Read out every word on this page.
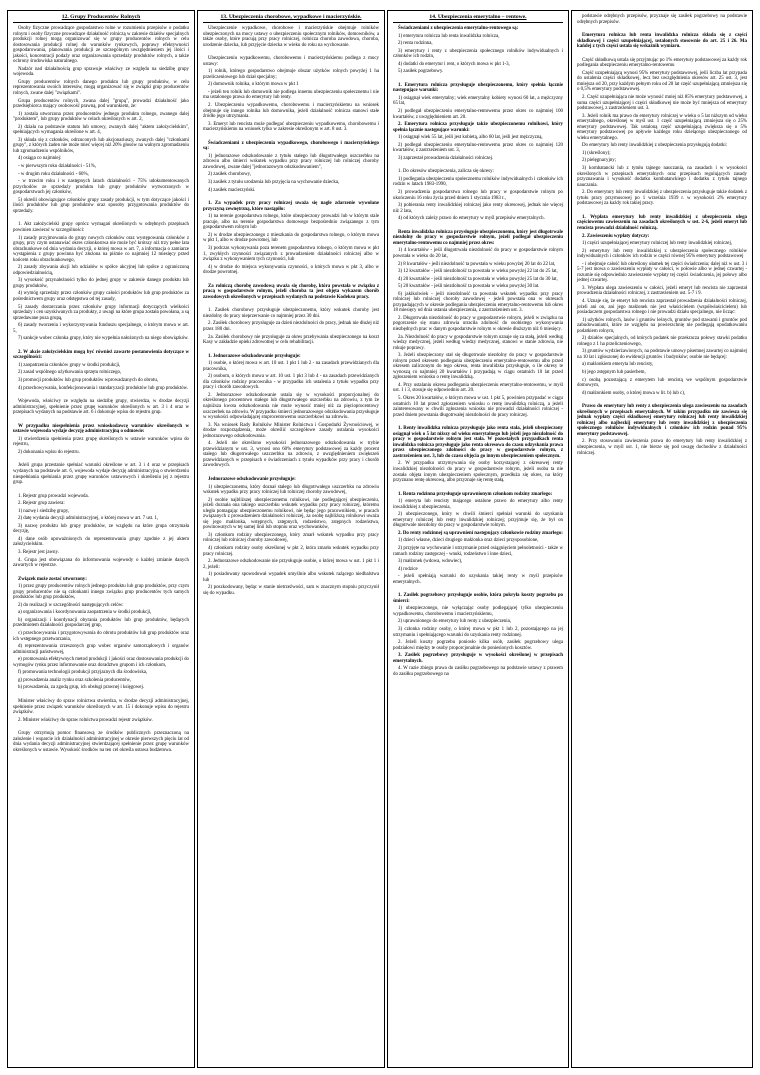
12. Grupy Producentów Rolnych

Osoby fizyczne prowadzące gospodarstwo rolne w rozumieniu przepisów o podatku rolnym i osoby fizyczne prowadzące działalność rolniczą w zakresie działów specjalnych produkcji rolnej mogą organizować się w grupy producentów rolnych w celu dostosowania produkcji rolnej do warunków rynkowych, poprawy efektywności gospodarowania, planowania produkcji ze szczególnym uwzględnieniem jej ilości i jakości, koncentracji podaży oraz organizowania sprzedaży produktów rolnych, a także ochrony środowiska naturalnego.

Nadzór nad działalnością grup sprawuje właściwy ze względu na siedzibę grupy wojewoda.

Grupy producentów rolnych danego produktu lub grupy produktów, w celu reprezentowania swoich interesów, mogą organizować się w związki grup producentów rolnych, zwane dalej "związkami".

Grupa producentów rolnych, zwana dalej "grupą", prowadzi działalność jako przedsiębiorca mający osobowość prawną, pod warunkiem, że:

1) zostala utworzona przez producentów jednego produktu rolnego, zwanego dalej "produktem", lub grupy produktów w celach określonych w art. 2,

2) działa na podstawie statutu lub umowy, zwanych dalej "aktem założycielskim", spełniających wymagania określone w art. 4,

3) składa się z członków, odrzuconych lub akcjonariuszy, zwanych dalej "członkami grupy", z których żaden nie może mieć więcej niż 20% głosów na walnym zgromadzeniu lub zgromadzeniu wspólników,

4) osiąga co najmniej:

- w pierwszym roku działalności - 51%,

- w drugim roku działalności - 60%,

- w trzecim roku i w następnych latach działalności - 75% udokumentowanych przychodów ze sprzedaży produktu lub grupy produktów wytworzonych w gospodarstwach jej członków,

5) określi obowiązujące członków grupy zasady produkcji, w tym dotyczące jakości i ilości produktów lub grup produktów oraz sposoby przygotowania produktów do sprzedaży.

1. Akt założycielski grupy oprócz wymagań określonych w odrębnych przepisach powinien zawierać w szczególności:

1) zasady przyjmowania do grupy nowych członków oraz występowania członków z grupy, przy czym ustanawiać okres członkostwa nie może być krótszy niż trzy pełne lata obrachunkowe od dnia wydania decyzji, o której mowa w art. 7, a informacja o zamiarze wystąpienia z grupy powinna być złożona na piśmie co najmniej 12 miesięcy przed końcem roku obrachunkowego,

2) zasady zbywania akcji lub udziałów w spółce akcyjnej lub spółce z ograniczoną odpowiedzialnością,

3) wysokość przynależności tylko do jednej grupy w zakresie danego produktu lub grupy produktów,

4) wymóg sprzedaży przez członków grupy całości produktów lub grup produktów za pośrednictwem grupy oraz odstępstwa od tej zasady,

5) zasady dostarczania przez członków grupy informacji dotyczących wielkości sprzedaży i cen uzyskiwanych za produkty, z uwagi na które grupa została powołana, a są sprzedawane poza grupą,

6) zasady tworzenia i wykorzystywania funduszu specjalnego, o którym mowa w art. 5,

7) sankcje wobec członka grupy, który nie wypełnia nałożonych na niego obowiązków.

2. W akcie założycielskim mogą być również zawarte postanowienia dotyczące w szczególności:

1) zaopatrzenia członków grupy w środki produkcji,

2) zasad wspólnego użytkowania sprzętu rolniczego,

3) promocji produktów lub grup produktów wprowadzanych do obrotu,

4) przechowywania, konfekcjonowania i standaryzacji produktów lub grup produktów.

Wojewoda, właściwy ze względu na siedzibę grupy, stwierdza, w drodze decyzji administracyjnej, spełnienie przez grupę warunków określonych w art. 3 i 4 oraz w przepisach wydanych na podstawie art. 6 i dokonuje wpisu do rejestru grup.

W przypadku niespełnienia przez wnioskodawcę warunków określonych w ustawie wojewoda wydaje decyzję administracyjną o odmowie:

1) stwierdzenia spełnienia przez grupę określonych w ustawie warunków wpisu do rejestru,

2) dokonania wpisu do rejestru.

Jeżeli grupa przestanie spełniać warunki określone w art. 3 i 4 oraz w przepisach wydanych na podstawie art. 6, wojewoda wydaje decyzję administracyjną o stwierdzeniu niespełniania spełniania przez grupę warunków ustawowych i skreśleniu jej z rejestru grup.

1. Rejestr grup prowadzi wojewoda.

2. Rejestr grup zawiera:

1) nazwę i siedzibę grupy,

2) datę wydania decyzji administracyjnej, o której mowa w art. 7 ust. 1,

3) nazwę produktu lub grupy produktów, ze względu na które grupa otrzymała decyzję,

4) dane osób upoważnionych do reprezentowania grupy zgodnie z jej aktem założycielskim.

3. Rejestr jest jawny.

4. Grupa jest obowiązana do informowania wojewody o każdej zmianie danych zawartych w rejestrze.

Związek może zostać utworzony:

1) przez grupy producentów rolnych jednego produktu lub grup produktów, przy czym grupy producentów nie są członkami innego związku grup producentów tych samych produktów lub grup produktów,

2) do realizacji w szczególności następujących celów:

a) organizowania i koordynowania zaopatrzenia w środki produkcji,

b) organizacji i koordynacji obyrania produktów lub grup produktów, będących przedmiotem działalności gospodarczej grup,

c) przechowywania i przygotowywania do obrotu produktów lub grup produktów oraz ich wstępnego przetwarzania,

d) reprezentowania zrzeszonych grup wobec organów samorządowych i organów administracji państwowej,

e) promowania efektywnych metod produkcji i jakości oraz dostosowania produkcji do wymogów rynku przez informowanie oraz doradztwo grupom i ich członkom,

f) promowania technologii produkcji przyjaznych dla środowiska,

g) prowadzenia analiz rynku oraz szkolenia producentów,

h) prowadzenia, za zgodą grup, ich obsługi prawnej i księgowej.

Minister właściwy do spraw rolnictwa stwierdza, w drodze decyzji administracyjnej, spełnienie przez związek warunków określonych w art. 15 i dokonuje wpisu do rejestru związków.

2. Minister właściwy do spraw rolnictwa prowadzi rejestr związków.

Grupy otrzymują pomoc finansową ze środków publicznych przeznaczoną na założenie i wsparcie ich działalności administracyjnej w okresie pierwszych pięciu lat od dnia wydania decyzji administracyjnej stwierdzającej spełnienie przez grupę warunków określonych w ustawie. Wysokość środków na ten cel określa ustawa budżetowa.

13. Ubezpieczenia chorobowe, wypadkowe i macierzyńskie.

Ubezpieczenie wypadkowe, chorobowe i macierzyńskie obejmuje rolników ubezpieczonych na mocy ustawy o ubezpieczeniu społecznym rolników, domowników, a także osoby, które pracują przy pracy rolniczej, rolnicza choroba zawodowa, choroba, urodzenie dziecka, lub przyjęcie dziecka w wieku do roku na wychowanie.

Ubezpieczeniu wypadkowemu, chorobowemu i macierzyńskiemu podlega z mocy ustawy:

1) rolnik, którego gospodarstwo obejmuje obszar użytków rolnych powyżej 1 ha przeliczeniowego lub dział specjalny;

2) domownik rolnika, o którym mowa w pkt 1

- jeżeli ten rolnik lub domownik nie podlega innemu ubezpieczeniu społecznemu i nie ma ustalonego prawa do emerytury lub renty.

2. Ubezpieczeniu wypadkowemu, chorobowemu i macierzyńskiemu na wniosek obejmuje się innego rolnika lub domownika, jeżeli działalność rolnicza stanowi stałe źródło jego utrzymania.

3. Emeryt lub rencista może podlegać ubezpieczeniu wypadkowemu, chorobowemu i macierzyńskiemu na wniosek tylko w zakresie określonym w art. 8 ust. 3.

Świadczeniami z ubezpieczenia wypadkowego, chorobowego i macierzyńskiego są:

1) jednorazowe odszkodowanie z tytułu stałego lub długotrwałego uszczerbku na zdrowiu albo śmierci wskutek wypadku przy pracy rolniczej lub rolniczej choroby zawodowej, zwane dalej "jednorazowym odszkodowaniem",

2) zasiłek chorobowy,

3) zasiłek z tytułu urodzenia lub przyjęcia na wychowanie dziecka,

4) zasiłek macierzyński.

1. Za wypadek przy pracy rolniczej uważa się nagłe zdarzenie wywołane przyczyną zewnętrzną, które nastąpiło:

1) na terenie gospodarstwa rolnego, które ubezpieczony prowadzi lub w którym stale pracuje, albo na terenie gospodarstwa domowego bezpośrednio związanego z tym gospodarstwem rolnym lub

2) w drodze ubezpieczonego z mieszkania do gospodarstwa rolnego, o którym mowa w pkt 1, albo w drodze powrotnej, lub

3) podczas wykonywania poza terenem gospodarstwa rolnego, o którym mowa w pkt 1, zwykłych czynności związanych z prowadzeniem działalności rolniczej albo w związku z wykonywaniem tych czynności, lub

4) w drodze do miejsca wykonywania czynności, o których mowa w pkt 3, albo w drodze powrotnej.

Za rolniczą chorobę zawodową uważa się chorobę, która powstała w związku z pracą w gospodarstwie rolnym, jeżeli choroba ta jest objęta wykazem chorób zawodowych określonych w przepisach wydanych na podstawie Kodeksu pracy.

1. Zasiłek chorobowy przysługuje ubezpieczonemu, który wskutek choroby jest niezdolny do pracy nieprzerwanie co najmniej przez 30 dni.

2. Zasiłek chorobowy przysługuje za dzień niezdolności do pracy, jednak nie dłużej niż przez 180 dni.

2a. Zasiłek chorobowy nie przysługuje za okres przebywania ubezpieczonego na koszt Kasy w zakładzie opieki zdrowotnej w celu rehabilitacji.

1. Jednorazowe odszkodowanie przysługuje:

1) osobie, o której mowa w art. 10 ust. 1 pkt 1 lub 2 - na zasadach przewidzianych dla pracownika,

2) osobom, o których mowa w art. 10 ust. 1 pkt 3 lub 4 - na zasadach przewidzianych dla członków rodziny pracownika - w przypadku ich ustalenia z tytułu wypadku przy pracy i chorób zawodowych.

2. Jednorazowe odszkodowanie ustala się w wysokości proporcjonalnej do określonego procentowo stałego lub długotrwałego uszczerbku na zdrowiu, z tym że najniższa kwota odszkodowania nie może wynosić mniej niż za pięcioprocentowy uszczerbek na zdrowiu. W przypadku śmierci jednorazowego odszkodowania przysługuje w wysokości odpowiadającej stuprocentowemu uszczerbkowi na zdrowiu.

3. Na wniosek Rady Rolników Minister Rolnictwa i Gospodarki Żywnościowej, w drodze rozporządzenia, może określić szczegółowe zasady ustalania wysokości jednorazowego odszkodowania.

4. Jeżeli nie określono wysokości jednorazowego odszkodowania w trybie przewidzianym w ust. 3, wynosi ono 60% emerytury podstawowej za każdy procent stałego lub długotrwałego uszczerbku na zdrowiu, z uwzględnieniem zwiększeń przewidzianych w przepisach o świadczeniach z tytułu wypadków przy pracy i chorób zawodowych.

Jednorazowe odszkodowanie przysługuje:

1) ubezpieczonemu, który doznał stałego lub długotrwałego uszczerbku na zdrowiu wskutek wypadku przy pracy rolniczej lub rolniczej choroby zawodowej,

2) osobie najbliższej ubezpieczonemu rolnikowi, nie podlegającej ubezpieczeniu, jeżeli doznała ona takiego uszczerbku wskutek wypadku przy pracy rolniczej, któremu uległa pomagając ubezpieczonemu rolnikowi, nie będąc jego pracownikiem, w pracach związanych z prowadzeniem działalności rolniczej, za osobę najbliższą rolnikowi uważa się jego małżonka, wstępnych, zstępnych, rodzeństwo, zstępnych rodzeństwa, powinowatych w tej samej linii lub stopniu oraz wychowanków,

3) członkom rodziny ubezpieczonego, który zmarł wskutek wypadku przy pracy rolniczej lub rolniczej choroby zawodowej,

4) członkom rodziny osoby określonej w pkt 2, która zmarła wskutek wypadku przy pracy rolniczej.

2. Jednorazowe odszkodowanie nie przysługuje osobie, o której mowa w ust. 1 pkt 1 i 2, jeżeli:

1) posiadowany spowodował wypadek umyślnie albo wskutek rażącego niedbalstwa lub

2) poszkodowany, będąc w stanie nietrzeźwości, sam w znacznym stopniu przyczynił się do wypadku.

14. Ubezpieczenia emerytalno – rentowe.

Świadczeniami z ubezpieczenia emerytalno-rentowego są:

1) emerytura rolnicza lub renta inwalidzka rolnicza,

2) renta rodzinna,

3) emerytury i renty z ubezpieczenia społecznego rolników indywidualnych i członków ich rodzin,

4) dodatki do emerytur i rent, o których mowa w pkt 1-3,

5) zasiłek pogrzebowy.

1. Emerytura rolnicza przysługuje ubezpieczonemu, który spełnia łącznie następujące warunki:

1) osiągnął wiek emerytalny; wiek emerytalny kobiety wynosi 60 lat, a mężczyzny 65 lat,

2) podlegał ubezpieczeniu emerytalno-rentowemu przez okres co najmniej 100 kwartałów, z uwzględnieniem art. 20.

2. Emerytura rolnicza przysługuje także ubezpieczonemu rolnikowi, który spełnia łącznie następujące warunki:

1) osiągnął wiek 55 lat, jeśli jest kobietą, albo 60 lat, jeśli jest mężczyzną,

2) podlegał ubezpieczeniu emerytalno-rentowemu przez okres co najmniej 120 kwartałów, z zastrzeżeniem ust. 3,

3) zaprzestał prowadzenia działalności rolniczej.

1. Do okresów ubezpieczenia, zalicza się okresy:

1) podlegania ubezpieczeniu społecznemu rolników indywidualnych i członków ich rodzin w latach 1983-1990,

2) prowadzenia gospodarstwa rolnego lub pracy w gospodarstwie rolnym po ukończeniu 16 roku życia przed dniem 1 stycznia 1983 r.,

3) pobierania renty inwalidzkiej rolniczej jako renty okresowej, jednak nie więcej niż 2 lata,

4) od których zależy prawo do emerytury w myśl przepisów emerytalnych.

Renta inwalidzka rolnicza przysługuje ubezpieczonemu, który jest długotrwale niezdolny do pracy w gospodarstwie rolnym, jeżeli podlegał ubezpieczeniu emerytalno-rentowemu co najmniej przez okres:

1) 4 kwartałów - jeśli długotrwała niezdolność do pracy w gospodarstwie rolnym powstała w wieku do 20 lat,

2) 8 kwartałów - jeśli niezdolność ta powstała w wieku powyżej 20 lat do 22 lat,

3) 12 kwartałów - jeśli niezdolność ta powstała w wieku powyżej 22 lat do 25 lat,

4) 20 kwartałów - jeśli niezdolność ta powstała w wieku powyżej 25 lat do 30 lat,

5) 20 kwartałów - jeśli niezdolność ta powstała w wieku powyżej 30 lat.

6) jakikolwiek - jeśli niezdolność ta powstała wskutek wypadku przy pracy rolniczej lub rolniczej choroby zawodowej - jeżeli powstała ona w okresach przypadających w okresie podlegania ubezpieczeniu emerytalno-rentowemu lub okres 18 miesięcy od dnia ustania ubezpieczenia, z zastrzeżeniem ust. 3.

2. Długotrwała niezdolność do pracy w gospodarstwie rolnym, jeżeli w związku na pogorszenie się stanu zdrowia utraciła zdolność do osobistego wykonywania niezbędnych prac w danym gospodarstwie rolnym w okresie dłuższym niż 6 miesięcy.

2a. Niezdolność do pracy w gospodarstwie rolnym uznaje się za stałą, jeżeli według wiedzy medycznej, jeżeli według wiedzy medycznej, stanowi w stanie zdrowia, nie rokuje poprawy.

3. Jeżeli ubezpieczony stał się długotrwale niezdolny do pracy w gospodarstwie rolnym przed okresem podlegania ubezpieczeniu emerytalno-rentowemu albo przed okresem zaliczonym do tego okresu, renta inwalidzka przysługuje, o ile okresy te wynoszą co najmniej 20 kwartałów i przypadają w ciągu ostatnich 10 lat przed zgłoszeniem wniosku o rentę inwalidzką.

4. Przy ustalaniu okresu podlegania ubezpieczeniu emerytalno-rentowemu, w myśl ust. 1 i 3, stosuje się odpowiednio art. 20.

5. Okres 20 kwartałów, o którym mowa w ust. 1 pkt 5, powinien przypadać w ciągu ostatnich 10 lat przed zgłoszeniem wniosku o rentę inwalidzką rolniczą, a jeżeli zainteresowany w chwili zgłoszenia wniosku nie prowadzi działalności rolniczej - przed dniem powstania długotrwałej niezdolności do pracy rolniczej.

1. Renty inwalidzka rolnicza przysługuje jako renta stała, jeżeli ubezpieczony osiągnął wiek o 5 lat niższy od wieku emerytalnego lub jeżeli jego niezdolność do pracy w gospodarstwie rolnym jest stała. W pozostałych przypadkach renta inwalidzka rolnicza przysługuje jako renta okresowa do czasu odzyskania prawa przez ubezpieczonego zdolności do pracy w gospodarstwie rolnym, z zastrzeżeniem ust. 3, lub do czasu objęcia go innym ubezpieczeniem społecznym.

2. W przypadku utrzymywania się osoby korzystającej z okresowej renty inwalidzkiej niezdolności do pracy w gospodarstwie rolnym, jeżeli osoba ta nie została objęta innym ubezpieczeniem społecznym, przedłuża się okres, na który przyznano rentę okresową, albo przyznaje się rentę stałą.

1. Renta rodzinna przysługuje uprawnionym członkom rodziny zmarłego:

1) emeryta lub rencisty mającego ustalone prawo do emerytury albo renty inwalidzkiej z ubezpieczenia,

2) ubezpieczonego, który w chwili śmierci spełniał warunki do uzyskania emerytury rolniczej lub renty inwalidzkiej rolniczej; przyjmuje się, że był on długotrwale niezdolny do pracy w gospodarstwie rolnym.

2. Do renty rodzinnej są uprawnieni następujący członkowie rodziny zmarłego:

1) dzieci własne, dzieci drugiego małżonka oraz dzieci przysposobione,

2) przyjęte na wychowanie i utrzymanie przed osiągnięciem pełnoletności - także w ramach rodziny zastępczej - wnuki, rodzeństwo i inne dzieci,

3) małżonek (wdowa, wdowiec),

4) rodzice

- jeżeli spełniają warunki do uzyskania takiej renty w myśl przepisów emerytalnych.

1. Zasiłek pogrzebowy przysługuje osobie, która pokryła koszty pogrzebu po śmierci:

1) ubezpieczonego, nie wyłączając osoby podlegającej tylko ubezpieczeniu wypadkowemu, chorobowemu i macierzyńskiemu,

2) uprawnionego do emerytury lub renty z ubezpieczenia,

3) członka rodziny osoby, o której mowa w pkt 1 lub 2, pozostającego na jej utrzymaniu i spełniającego warunki do uzyskania renty rodzinnej.

2. Jeżeli koszty pogrzebu poniosło kilka osób, zasiłek pogrzebowy ulega podziałowi między te osoby proporcjonalnie do poniesionych kosztów.

3. Zasiłek pogrzebowy przysługuje w wysokości określonej w przepisach emerytalnych.

4. W razie zbiegu prawa do zasiłku pogrzebowego na podstawie ustawy z prawem do zasiłku pogrzebowego na

podstawie odrębnych przepisów, przyznaje się zasiłek pogrzebowy na podstawie odrębnych przepisów.

Emerytura rolnicza lub renta inwalidzka rolnicza składa się z części składkowej i części uzupełniającej, ustalonych stosownie do art. 25 i 26. Ma kańdej z tych części ustala się wskaźnik wymiaru.

Część składkową ustala się przyjmując po 1% emerytury podstawowej za każdy rok podlegania ubezpieczeniu emerytalno-rentowemu

Część uzupełniającą wynosi 95% emerytury podstawowej, jeśli liczba lat przypada do ustalenia części składkowej, lecz bez uwzględnienia okresów art. 25 ust. 3, jest mniejsza od 20, przy każdym pełnym roku od 20 lat część uzupełniającą zmniejsza się o 0,5% emerytury podstawowej.

2. Część uzupełniająca nie może wynosić mniej niż 85% emerytury podstawowej, a suma części uzupełniającej i części składkowej nie może być mniejsza od emerytury podstawowej, z zastrzeżeniem ust. 3.

3. Jeżeli rolnik ma prawo do emerytury rolniczej w wieku o 5 lat niższym od wieku emerytalnego, określonej w myśl ust. 1 część uzupełniającą zmniejsza się o 25% emerytury podstawowej. Tak ustaloną część uzupełniającą zwiększa się o 5% emerytury podstawowej po upływie każdego roku dzielącego ubezpieczonego od wieku emerytalnego.

Do emerytury lub renty inwalidzkiej z ubezpieczenia przysługują dodatki:

1) (skreślony);

2) pielęgnacyjny;

3) kombatancki lub z tytułu tajnego nauczania, na zasadach i w wysokości określonych w przepisach emerytalnych oraz przepisach regulujących zasady przyznawania i wysokość dodatku kombatanckiego i dodatku z tytułu tajnego nauczania.

2. Do emerytury lub renty inwalidzkiej z ubezpieczenia przysługuje także dodatek z tytułu pracy przymusowej po 1 września 1939 r. w wysokości 2% emerytury podstawowej za każdy rok takiej pracy.

1. Wypłata emerytury lub renty inwalidzkiej z ubezpieczenia ulega częściowemu zawieszeniu na zasadach określonych w ust. 2-6, jeżeli emeryt lub rencista prowadzi działalność rolniczą.

2. Zawieszeniu wypłaty dotyczy:

1) części uzupełniającej emerytury rolniczej lub renty inwalidzkiej rolniczej,

2) emerytury lub renty inwalidzkiej z ubezpieczenia społecznego rolników indywidualnych i członków ich rodzin w części równej 95% emerytury podstawowej

- i obejmuje całość lub określony ułamek tej części świadczenia; dalej niż w ust. 3 i 5-7 jest mowa o zawieszeniu wypłaty w całości, w połowie albo w jednej czwartej - rozumie się odpowiednio zawieszenie wypłaty tej części świadczenia, jej połowy albo jednej czwartej.

3. Wypłata ulega zawieszeniu w całości, jeżeli emeryt lub rencista nie zaprzestał prowadzenia działalności rolniczej, z zastrzeżeniem ust. 5-7 i 9.

4. Uznaje się, że emeryt lub rencista zaprzestał prowadzenia działalności rolniczej, jeżeli ani on, ani jego małżonek nie jest właścicielem (współwłaścicielem) lub posiadaczem gospodarstwa rolnego i nie prowadzi działu specjalnego, nie licząc:

1) użytków rolnych, lasów i gruntów leśnych, gruntów pod stawami i gruntów pod zabudowaniami, które ze względu na powierzchnię nie podlegają opodatkowaniu podatkiem rolnym,

2) działów specjalnych, od których podatek nie przekracza połowy stawki podatku rolnego z 1 ha przeliczeniowego,

3) gruntów wydzierżawionych, na podstawie umowy pisemnej zawartej co najmniej na 10 lat i zgłoszonej do ewidencji gruntów i budynków; osobie nie będącej:

a) małżonkiem emeryta lub rencisty,

b) jego zstępnym lub pasierbem,

c) osobą pozostającą z emerytem lub rencistą we wspólnym gospodarstwie domowym,

d) małżonkiem osoby, o której mowa w lit. b) lub c),

Prawo do emerytury lub renty z ubezpieczenia ulega zawieszeniu na zasadach określonych w przepisach emerytalnych. W takim przypadku nie zawiesza się jednak wypłaty części składkowej emerytury rolniczej lub renty inwalidzkiej rolniczej albo najbezkij emerytury lub renty inwalidzkiej z ubezpieczenia społecznego rolników indywidualnych i członków ich rodzin ponad 95% emerytury podstawowej.

2. Przy stosowaniu zawieszenia prawa do emerytury lub renty inwalidzkiej z ubezpieczenia, w myśl ust. 1, nie bierze się pod uwagę dochodów z działalności rolniczej.
